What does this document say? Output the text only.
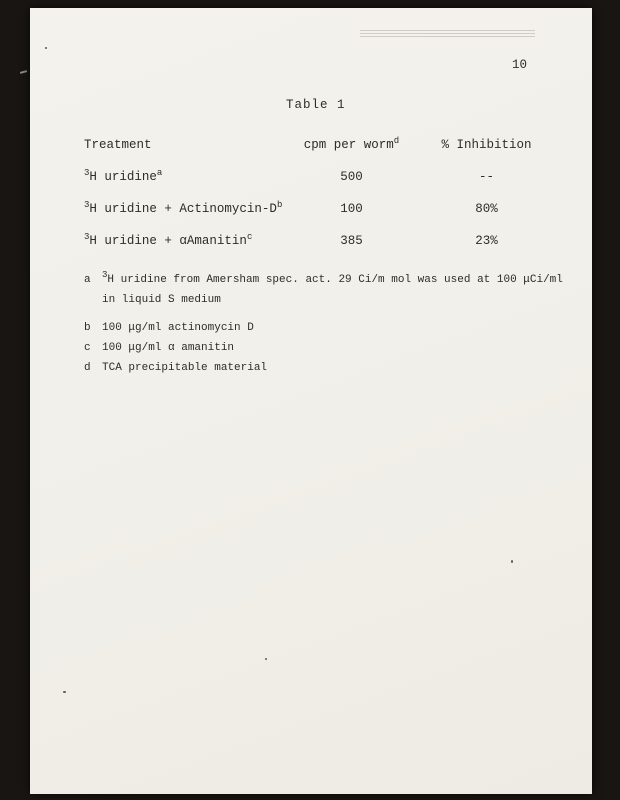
10
Table 1
Treatment	cpm per worm$^d$	% Inhibition
$^3$H uridine$^a$	500	--
$^3$H uridine + Actinomycin-$D^b$	100	80%
$^3$H uridine + αAmanitin$^c$	385	23%
a	$^3$H uridine from Amersham spec. act. 29 Ci/m mol was used at 100 μCi/ml
in liquid S medium
b	100 μg/ml actinomycin D
c	100 μg/ml α amanitin
d	TCA precipitable material
